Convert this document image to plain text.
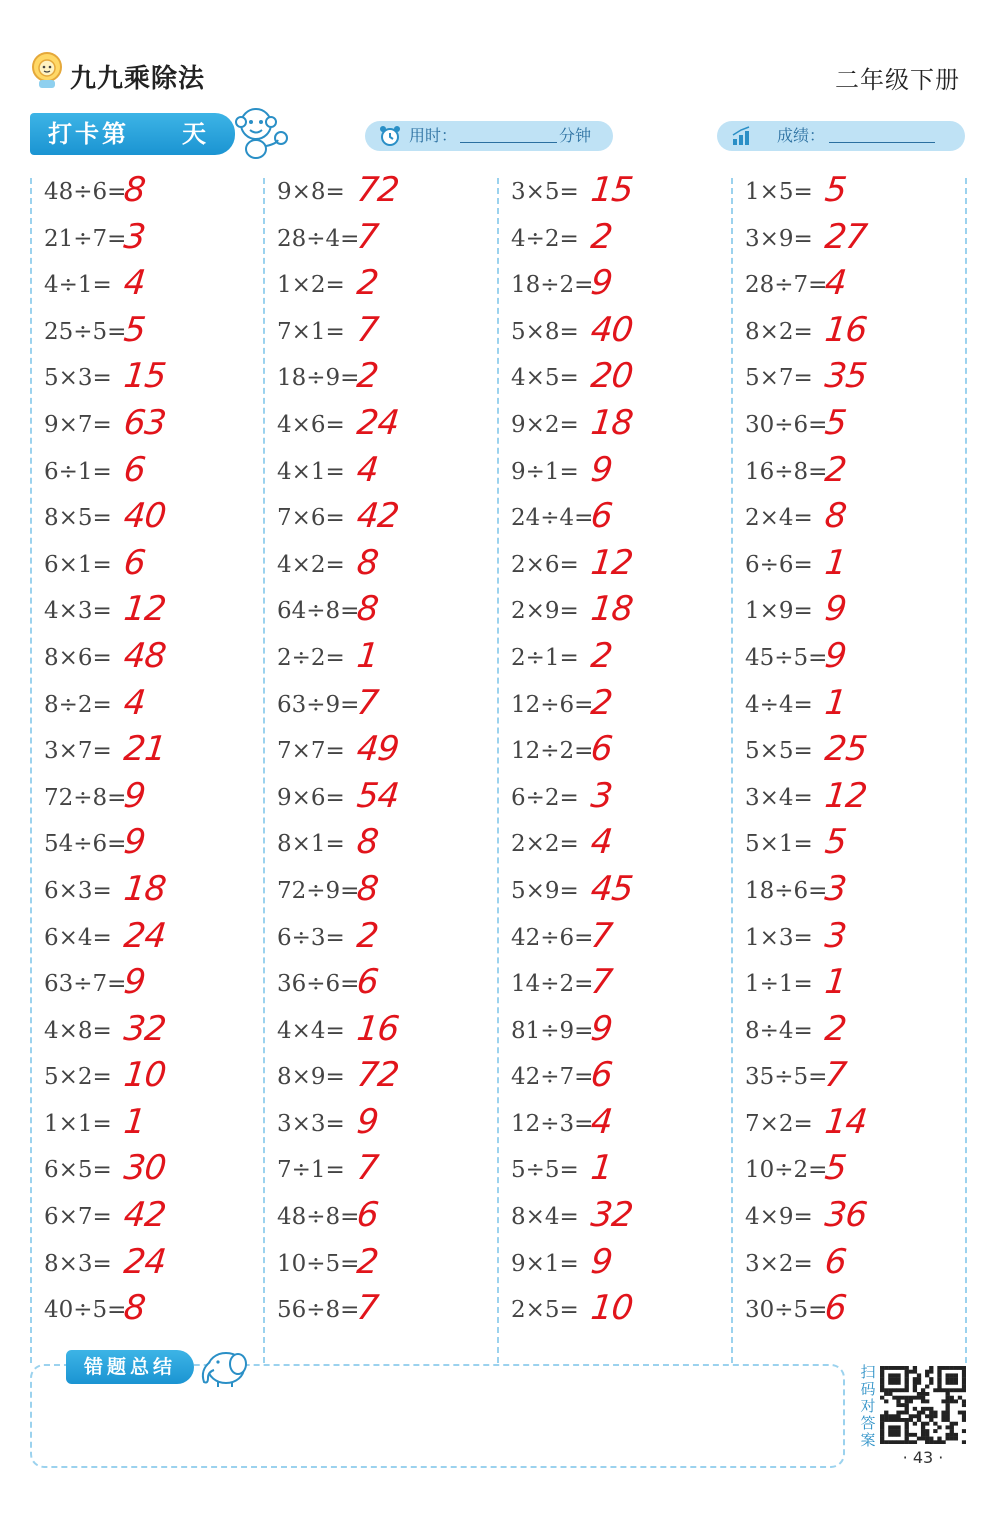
九九乘除法	二年级下册
打卡第 天	用时：	分钟	成绩：
48÷6=
8
21÷7=
3
4÷1= 4
25÷5=
5
5×3= 15
9×7= 63
6÷1= 6
8×5= 40
6×1= 6
4×3= 12
8×6= 48
8÷2= 4
3×7= 21
72÷8=
9
54÷6=
9
6×3= 18
6×4= 24
63÷7=
9
4×8= 32
5×2= 10
1×1= 1
6×5= 30
6×7= 42
8×3= 24
40÷5=
8
9×8= 72
28÷4=
7
1×2= 2
7×1= 7
18÷9=
2
4×6= 24
4×1= 4
7×6= 42
4×2= 8
64÷8=
8
2÷2= 1
63÷9=
7
7×7= 49
9×6= 54
8×1= 8
72÷9=
8
6÷3= 2
36÷6=
6
4×4= 16
8×9= 72
3×3= 9
7÷1= 7
48÷8=
6
10÷5=
2
56÷8=
7
3×5= 15
4÷2= 2
18÷2=
9
5×8= 40
4×5= 20
9×2= 18
9÷1= 9
24÷4=
6
2×6= 12
2×9= 18
2÷1= 2
12÷6=
2
12÷2=
6
6÷2= 3
2×2= 4
5×9= 45
42÷6=
7
14÷2=
7
81÷9=
9
42÷7=
6
12÷3=
4
5÷5= 1
8×4= 32
9×1= 9
2×5= 10
1×5= 5
3×9= 27
28÷7=
4
8×2= 16
5×7= 35
30÷6=
5
16÷8=
2
2×4= 8
6÷6= 1
1×9= 9
45÷5=
9
4÷4= 1
5×5= 25
3×4= 12
5×1= 5
18÷6=
3
1×3= 3
1÷1= 1
8÷4= 2
35÷5=
7
7×2= 14
10÷2=
5
4×9= 36
3×2= 6
30÷5=
6
错题总结	扫码对答案
· 43 ·
